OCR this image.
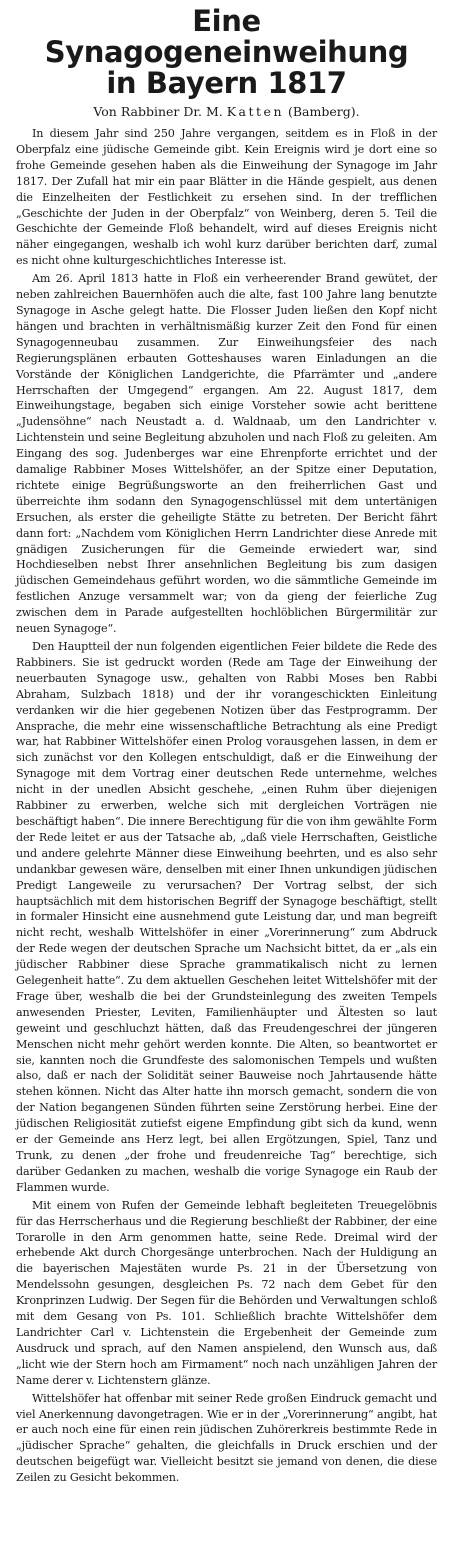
Eine Synagogeneinweihung
in Bayern 1817
Von Rabbiner Dr. M. Katten (Bamberg).

In diesem Jahr sind 250 Jahre vergangen, seitdem es in Floß in der Oberpfalz eine jüdische Gemeinde gibt. Kein Ereignis wird je dort eine so frohe Gemeinde gesehen haben als die Einweihung der Synagoge im Jahr 1817. Der Zufall hat mir ein paar Blätter in die Hände gespielt, aus denen die Einzelheiten der Festlichkeit zu ersehen sind. In der trefflichen „Geschichte der Juden in der Oberpfalz“ von Weinberg, deren 5. Teil die Geschichte der Gemeinde Floß behandelt, wird auf dieses Ereignis nicht näher eingegangen, weshalb ich wohl kurz darüber berichten darf, zumal es nicht ohne kulturgeschichtliches Interesse ist.

Am 26. April 1813 hatte in Floß ein verheerender Brand gewütet, der neben zahlreichen Bauernhöfen auch die alte, fast 100 Jahre lang benutzte Synagoge in Asche gelegt hatte. Die Flosser Juden ließen den Kopf nicht hängen und brachten in verhältnismäßig kurzer Zeit den Fond für einen Synagogenneubau zusammen. Zur Einweihungsfeier des nach Regierungsplänen erbauten Gotteshauses waren Einladungen an die Vorstände der Königlichen Landgerichte, die Pfarrämter und „andere Herrschaften der Umgegend“ ergangen. Am 22. August 1817, dem Einweihungstage, begaben sich einige Vorsteher sowie acht berittene „Judensöhne“ nach Neustadt a. d. Waldnaab, um den Landrichter v. Lichtenstein und seine Begleitung abzuholen und nach Floß zu geleiten. Am Eingang des sog. Judenberges war eine Ehrenpforte errichtet und der damalige Rabbiner Moses Wittelshöfer, an der Spitze einer Deputation, richtete einige Begrüßungsworte an den freiherrlichen Gast und überreichte ihm sodann den Synagogenschlüssel mit dem untertänigen Ersuchen, als erster die geheiligte Stätte zu betreten. Der Bericht fährt dann fort: „Nachdem vom Königlichen Herrn Landrichter diese Anrede mit gnädigen Zusicherungen für die Gemeinde erwiedert war, sind Hochdieselben nebst Ihrer ansehnlichen Begleitung bis zum dasigen jüdischen Gemeindehaus geführt worden, wo die sämmtliche Gemeinde im festlichen Anzuge versammelt war; von da gieng der feierliche Zug zwischen dem in Parade aufgestellten hochlöblichen Bürgermilitär zur neuen Synagoge“.

Den Hauptteil der nun folgenden eigentlichen Feier bildete die Rede des Rabbiners. Sie ist gedruckt worden (Rede am Tage der Einweihung der neuerbauten Synagoge usw., gehalten von Rabbi Moses ben Rabbi Abraham, Sulzbach 1818) und der ihr vorangeschickten Einleitung verdanken wir die hier gegebenen Notizen über das Festprogramm. Der Ansprache, die mehr eine wissenschaftliche Betrachtung als eine Predigt war, hat Rabbiner Wittelshöfer einen Prolog vorausgehen lassen, in dem er sich zunächst vor den Kollegen entschuldigt, daß er die Einweihung der Synagoge mit dem Vortrag einer deutschen Rede unternehme, welches nicht in der unedlen Absicht geschehe, „einen Ruhm über diejenigen Rabbiner zu erwerben, welche sich mit dergleichen Vorträgen nie beschäftigt haben“. Die innere Berechtigung für die von ihm gewählte Form der Rede leitet er aus der Tatsache ab, „daß viele Herrschaften, Geistliche und andere gelehrte Männer diese Einweihung beehrten, und es also sehr undankbar gewesen wäre, denselben mit einer Ihnen unkundigen jüdischen Predigt Langeweile zu verursachen? Der Vortrag selbst, der sich hauptsächlich mit dem historischen Begriff der Synagoge beschäftigt, stellt in formaler Hinsicht eine ausnehmend gute Leistung dar, und man begreift nicht recht, weshalb Wittelshöfer in einer „Vorerinnerung“ zum Abdruck der Rede wegen der deutschen Sprache um Nachsicht bittet, da er „als ein jüdischer Rabbiner diese Sprache grammatikalisch nicht zu lernen Gelegenheit hatte“. Zu dem aktuellen Geschehen leitet Wittelshöfer mit der Frage über, weshalb die bei der Grundsteinlegung des zweiten Tempels anwesenden Priester, Leviten, Familienhäupter und Ältesten so laut geweint und geschluchzt hätten, daß das Freudengeschrei der jüngeren Menschen nicht mehr gehört werden konnte. Die Alten, so beantwortet er sie, kannten noch die Grundfeste des salomonischen Tempels und wußten also, daß er nach der Solidität seiner Bauweise noch Jahrtausende hätte stehen können. Nicht das Alter hatte ihn morsch gemacht, sondern die von der Nation begangenen Sünden führten seine Zerstörung herbei. Eine der jüdischen Religiosität zutiefst eigene Empfindung gibt sich da kund, wenn er der Gemeinde ans Herz legt, bei allen Ergötzungen, Spiel, Tanz und Trunk, zu denen „der frohe und freudenreiche Tag“ berechtige, sich darüber Gedanken zu machen, weshalb die vorige Synagoge ein Raub der Flammen wurde.

Mit einem von Rufen der Gemeinde lebhaft begleiteten Treuegelöbnis für das Herrscherhaus und die Regierung beschließt der Rabbiner, der eine Torarolle in den Arm genommen hatte, seine Rede. Dreimal wird der erhebende Akt durch Chorgesänge unterbrochen. Nach der Huldigung an die bayerischen Majestäten wurde Ps. 21 in der Übersetzung von Mendelssohn gesungen, desgleichen Ps. 72 nach dem Gebet für den Kronprinzen Ludwig. Der Segen für die Behörden und Verwaltungen schloß mit dem Gesang von Ps. 101. Schließlich brachte Wittelshöfer dem Landrichter Carl v. Lichtenstein die Ergebenheit der Gemeinde zum Ausdruck und sprach, auf den Namen anspielend, den Wunsch aus, daß „licht wie der Stern hoch am Firmament“ noch nach unzähligen Jahren der Name derer v. Lichtenstern glänze.

Wittelshöfer hat offenbar mit seiner Rede großen Eindruck gemacht und viel Anerkennung davongetragen. Wie er in der „Vorerinnerung“ angibt, hat er auch noch eine für einen rein jüdischen Zuhörerkreis bestimmte Rede in „jüdischer Sprache“ gehalten, die gleichfalls in Druck erschien und der deutschen beigefügt war. Vielleicht besitzt sie jemand von denen, die diese Zeilen zu Gesicht bekommen.
